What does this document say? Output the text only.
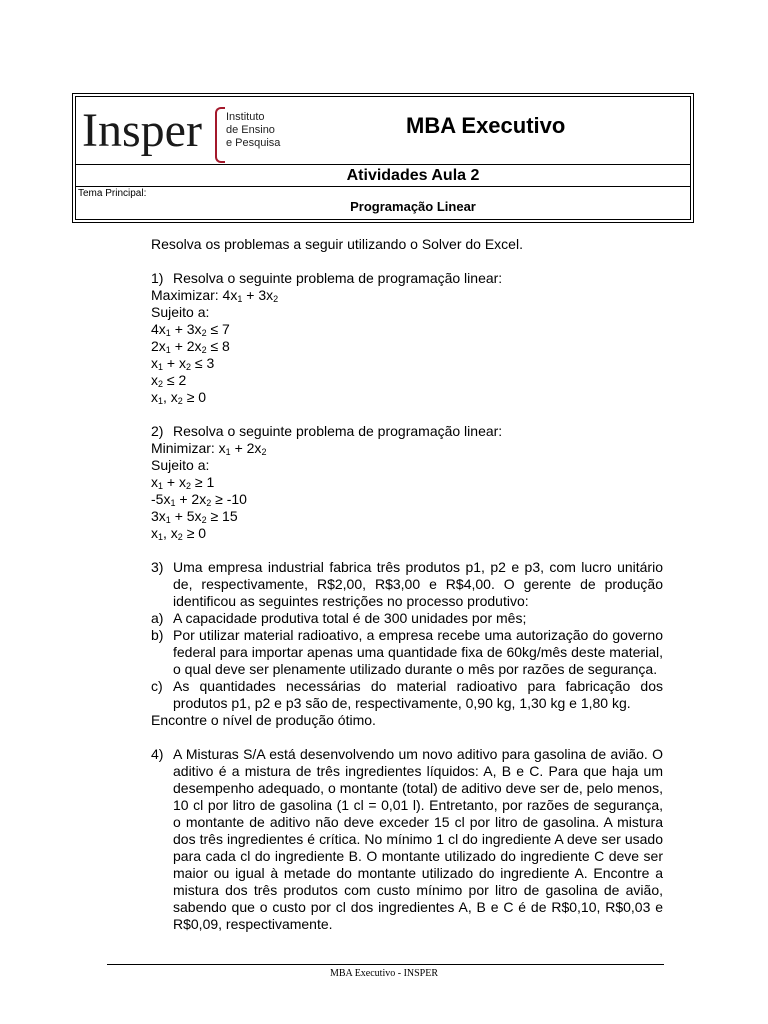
Insper Instituto
de Ensino
e Pesquisa
MBA Executivo
Atividades Aula 2
Tema Principal:
Programação Linear

Resolva os problemas a seguir utilizando o Solver do Excel.

1) Resolva o seguinte problema de programação linear:

Maximizar: $4x_1 + 3x_2$

Sujeito a:

$4x_1 + 3x_2 \le 7$

$2x_1 + 2x_2 \le 8$

$x_1 + x_2 \le 3$

$x_2 \le 2$

$x_1$, $x_2 \ge 0$

2) Resolva o seguinte problema de programação linear:

Minimizar: $x_1 + 2x_2$

Sujeito a:

$x_1 + x_2 \ge 1$

$-5x_1 + 2x_2 \ge -10$

$3x_1 + 5x_2 \ge 15$

$x_1$, $x_2 \ge 0$

3) Uma empresa industrial fabrica três produtos p1, p2 e p3, com lucro unitário de, respectivamente, R$2,00, R$3,00 e R$4,00. O gerente de produção identificou as seguintes restrições no processo produtivo:
a) A capacidade produtiva total é de 300 unidades por mês;
b) Por utilizar material radioativo, a empresa recebe uma autorização do governo federal para importar apenas uma quantidade fixa de 60kg/mês deste material, o qual deve ser plenamente utilizado durante o mês por razões de segurança.
c) As quantidades necessárias do material radioativo para fabricação dos produtos p1, p2 e p3 são de, respectivamente, 0,90 kg, 1,30 kg e 1,80 kg.

Encontre o nível de produção ótimo.

4) A Misturas S/A está desenvolvendo um novo aditivo para gasolina de avião. O aditivo é a mistura de três ingredientes líquidos: A, B e C. Para que haja um desempenho adequado, o montante (total) de aditivo deve ser de, pelo menos, 10 cl por litro de gasolina (1 cl = 0,01 l). Entretanto, por razões de segurança, o montante de aditivo não deve exceder 15 cl por litro de gasolina. A mistura dos três ingredientes é crítica. No mínimo 1 cl do ingrediente A deve ser usado para cada cl do ingrediente B. O montante utilizado do ingrediente C deve ser maior ou igual à metade do montante utilizado do ingrediente A. Encontre a mistura dos três produtos com custo mínimo por litro de gasolina de avião, sabendo que o custo por cl dos ingredientes A, B e C é de R$0,10, R$0,03 e R$0,09, respectivamente.
MBA Executivo - INSPER
